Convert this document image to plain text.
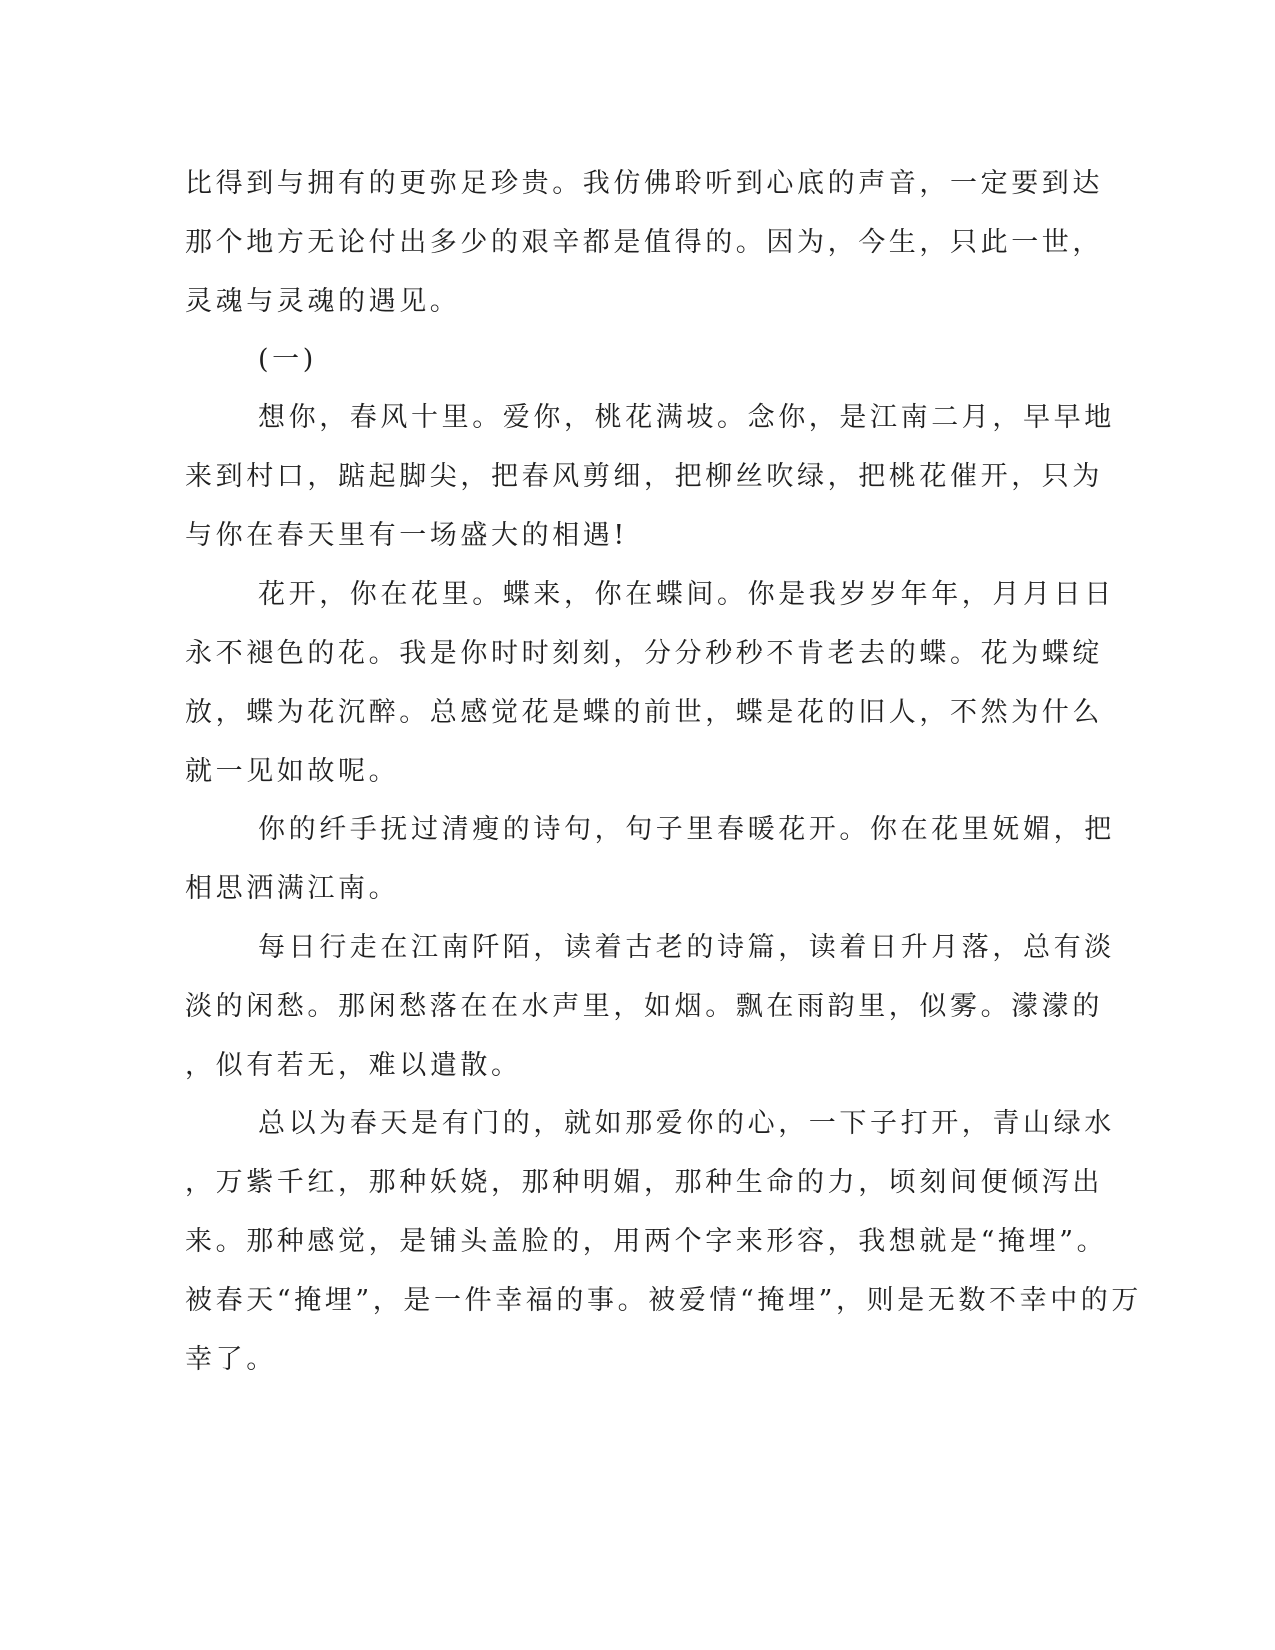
比得到与拥有的更弥足珍贵。我仿佛聆听到心底的声音，一定要到达
那个地方无论付出多少的艰辛都是值得的。因为，今生，只此一世，
灵魂与灵魂的遇见。
(一)
想你，春风十里。爱你，桃花满坡。念你，是江南二月，早早地
来到村口，踮起脚尖，把春风剪细，把柳丝吹绿，把桃花催开，只为
与你在春天里有一场盛大的相遇!
花开，你在花里。蝶来，你在蝶间。你是我岁岁年年，月月日日
永不褪色的花。我是你时时刻刻，分分秒秒不肯老去的蝶。花为蝶绽
放，蝶为花沉醉。总感觉花是蝶的前世，蝶是花的旧人，不然为什么
就一见如故呢。
你的纤手抚过清瘦的诗句，句子里春暖花开。你在花里妩媚，把
相思洒满江南。
每日行走在江南阡陌，读着古老的诗篇，读着日升月落，总有淡
淡的闲愁。那闲愁落在在水声里，如烟。飘在雨韵里，似雾。濛濛的
，似有若无，难以遣散。
总以为春天是有门的，就如那爱你的心，一下子打开，青山绿水
，万紫千红，那种妖娆，那种明媚，那种生命的力，顷刻间便倾泻出
来。那种感觉，是铺头盖脸的，用两个字来形容，我想就是“掩埋”。
被春天“掩埋”，是一件幸福的事。被爱情“掩埋”，则是无数不幸中的万
幸了。
